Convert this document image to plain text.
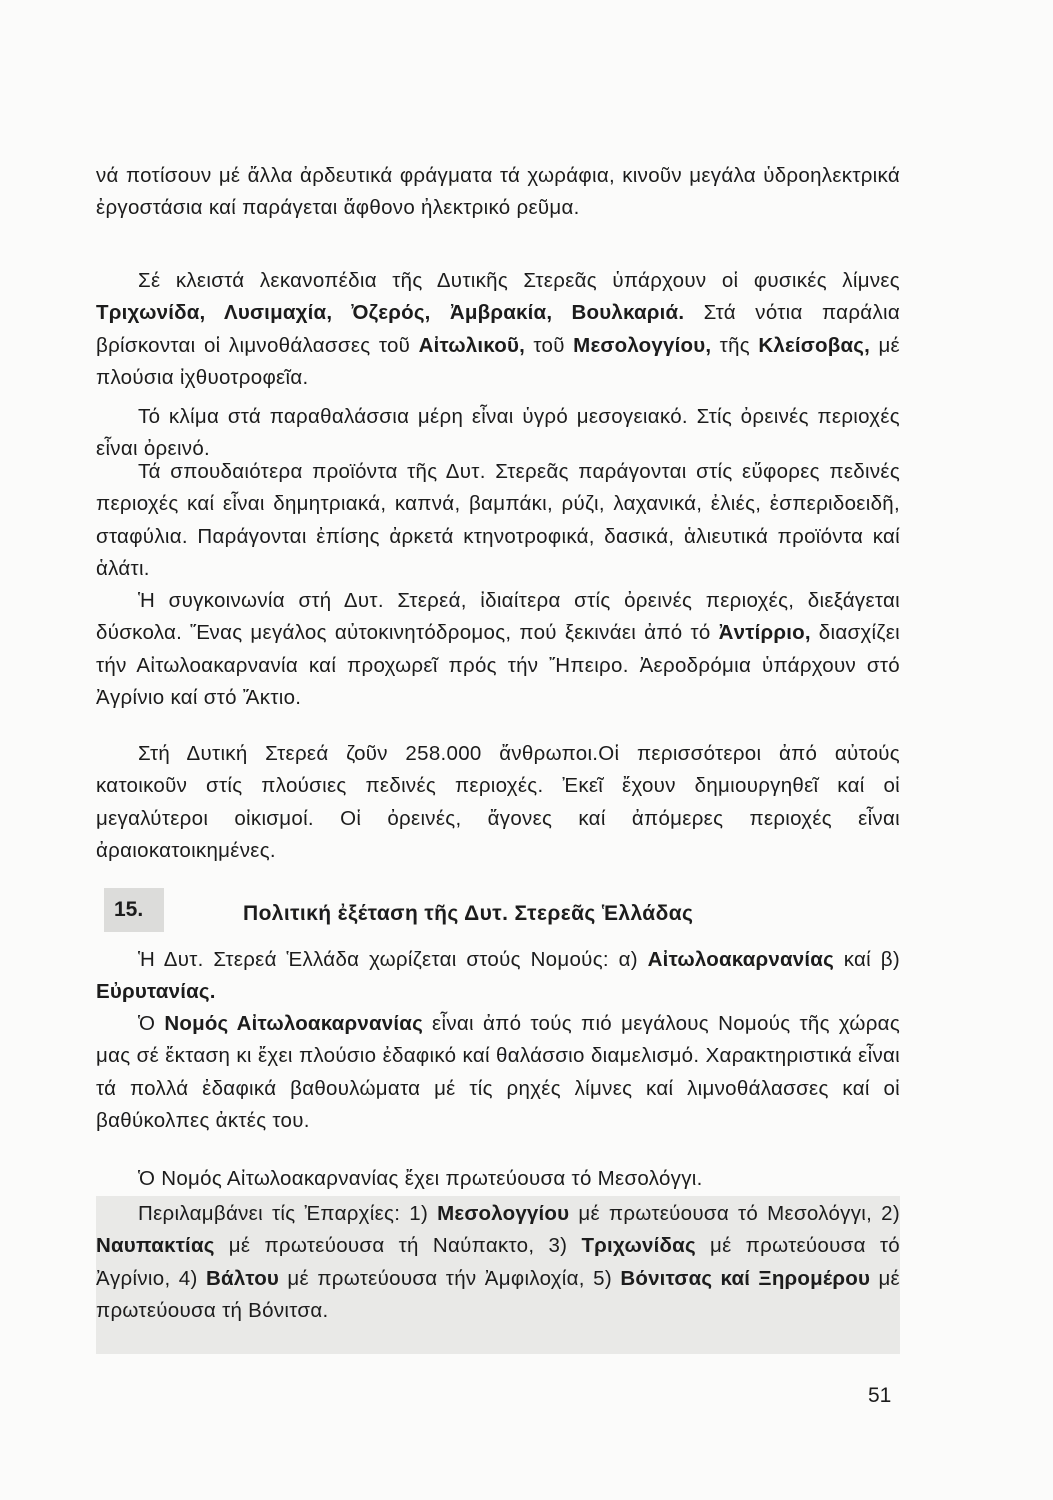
νά ποτίσουν μέ ἄλλα ἀρδευτικά φράγματα τά χωράφια, κινοῦν μεγάλα ὑδροηλεκτρικά ἐργοστάσια καί παράγεται ἄφθονο ἠλεκτρικό ρεῦμα.

Σέ κλειστά λεκανοπέδια τῆς Δυτικῆς Στερεᾶς ὑπάρχουν οἱ φυσικές λίμνες Τριχωνίδα, Λυσιμαχία, Ὀζερός, Ἀμβρακία, Βουλκαριά. Στά νότια παράλια βρίσκονται οἱ λιμνοθάλασσες τοῦ Αἰτωλικοῦ, τοῦ Μεσολογγίου, τῆς Κλείσοβας, μέ πλούσια ἰχθυοτροφεῖα.

Τό κλίμα στά παραθαλάσσια μέρη εἶναι ὑγρό μεσογειακό. Στίς ὀρεινές περιοχές εἶναι ὀρεινό.

Τά σπουδαιότερα προϊόντα τῆς Δυτ. Στερεᾶς παράγονται στίς εὔφορες πεδινές περιοχές καί εἶναι δημητριακά, καπνά, βαμπάκι, ρύζι, λαχανικά, ἐλιές, ἐσπεριδοειδῆ, σταφύλια. Παράγονται ἐπίσης ἀρκετά κτηνοτροφικά, δασικά, ἁλιευτικά προϊόντα καί ἁλάτι.

Ἡ συγκοινωνία στή Δυτ. Στερεά, ἰδιαίτερα στίς ὀρεινές περιοχές, διεξάγεται δύσκολα. Ἕνας μεγάλος αὐτοκινητόδρομος, πού ξεκινάει ἀπό τό Ἀντίρριο, διασχίζει τήν Αἰτωλοακαρνανία καί προχωρεῖ πρός τήν Ἤπειρο. Ἀεροδρόμια ὑπάρχουν στό Ἀγρίνιο καί στό Ἄκτιο.

Στή Δυτική Στερεά ζοῦν 258.000 ἄνθρωποι.Οἱ περισσότεροι ἀπό αὐτούς κατοικοῦν στίς πλούσιες πεδινές περιοχές. Ἐκεῖ ἔχουν δημιουργηθεῖ καί οἱ μεγαλύτεροι οἰκισμοί. Οἱ ὀρεινές, ἄγονες καί ἀπόμερες περιοχές εἶναι ἀραιοκατοικημένες.

15.	Πολιτική ἐξέταση τῆς Δυτ. Στερεᾶς Ἑλλάδας

Ἡ Δυτ. Στερεά Ἑλλάδα χωρίζεται στούς Νομούς: α) Αἰτωλοακαρνανίας καί β) Εὐρυτανίας.

Ὁ Νομός Αἰτωλοακαρνανίας εἶναι ἀπό τούς πιό μεγάλους Νομούς τῆς χώρας μας σέ ἔκταση κι ἔχει πλούσιο ἐδαφικό καί θαλάσσιο διαμελισμό. Χαρακτηριστικά εἶναι τά πολλά ἐδαφικά βαθουλώματα μέ τίς ρηχές λίμνες καί λιμνοθάλασσες καί οἱ βαθύκολπες ἀκτές του.

Ὁ Νομός Αἰτωλοακαρνανίας ἔχει πρωτεύουσα τό Μεσολόγγι.

Περιλαμβάνει τίς Ἐπαρχίες: 1) Μεσολογγίου μέ πρωτεύουσα τό Μεσολόγγι, 2) Ναυπακτίας μέ πρωτεύουσα τή Ναύπακτο, 3) Τριχωνίδας μέ πρωτεύουσα τό Ἀγρίνιο, 4) Βάλτου μέ πρωτεύουσα τήν Ἀμφιλοχία, 5) Βόνιτσας καί Ξηρομέρου μέ πρωτεύουσα τή Βόνιτσα.

51
